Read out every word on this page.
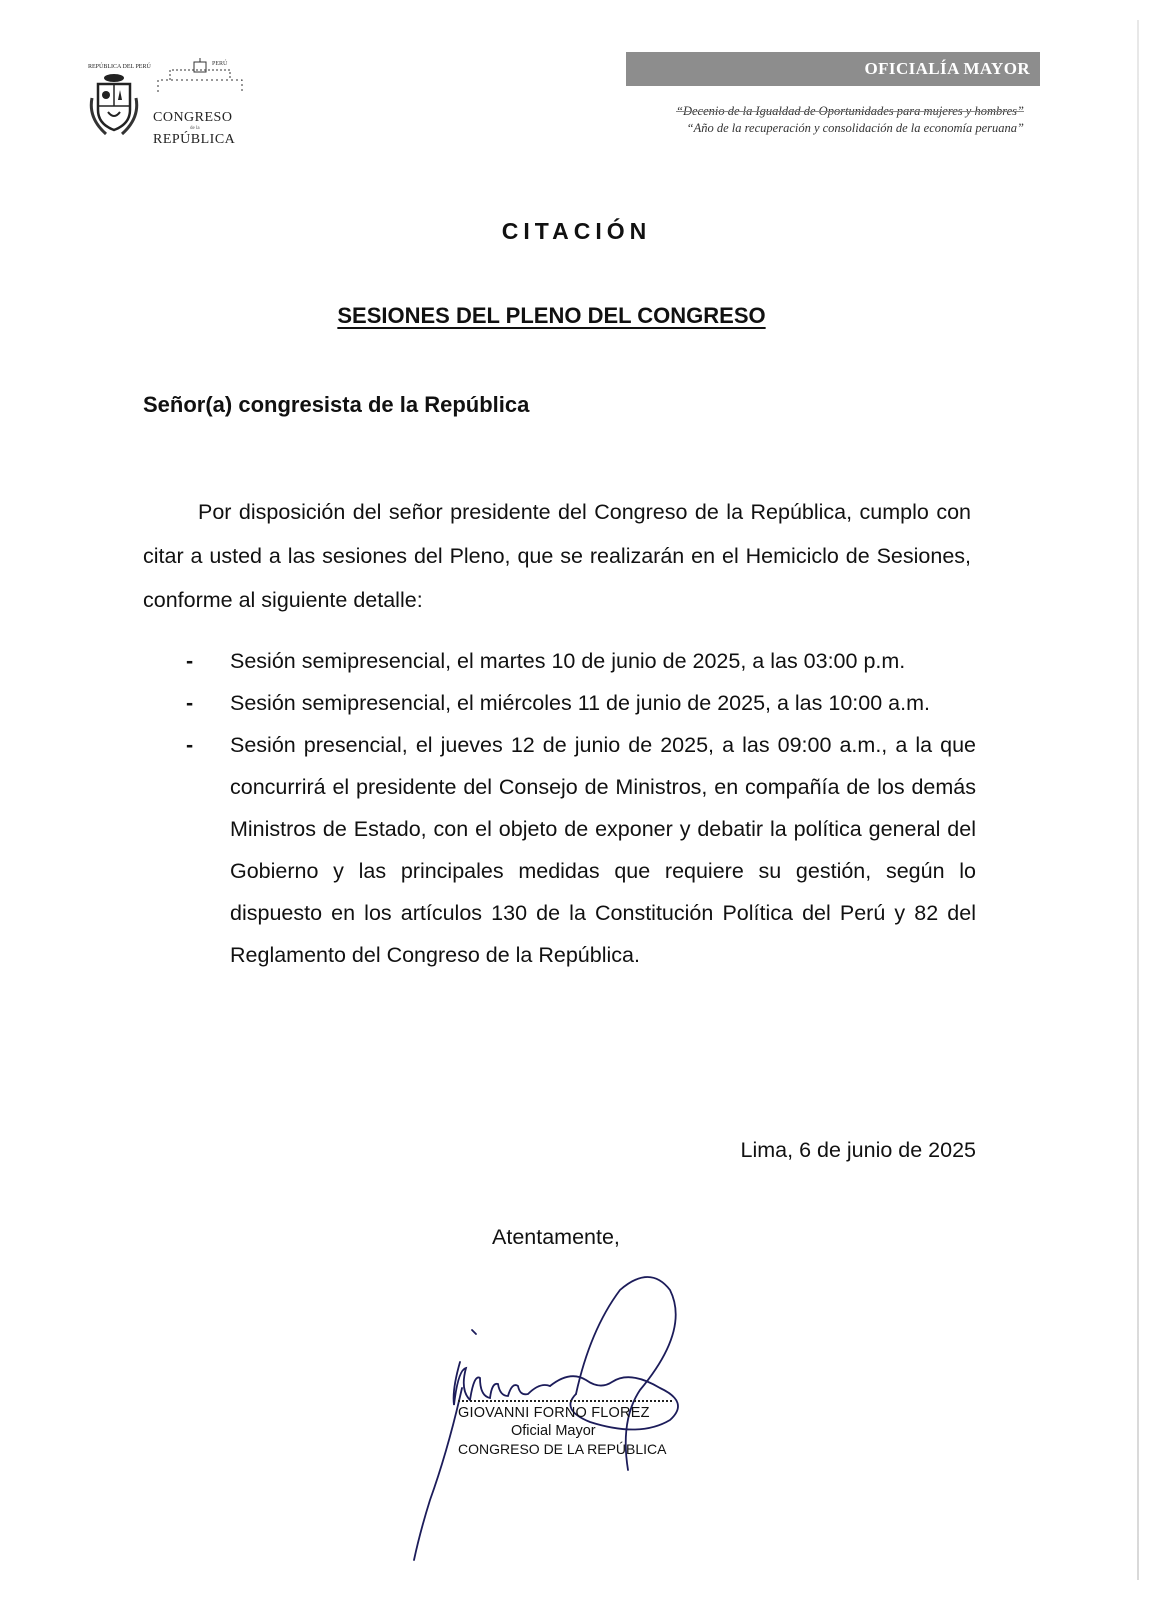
REPÚBLICA DEL PERÚ	PERÚ
CONGRESO
de la
REPÚBLICA
OFICIALÍA MAYOR
“Decenio de la Igualdad de Oportunidades para mujeres y hombres”
“Año de la recuperación y consolidación de la economía peruana”
CITACIÓN
SESIONES DEL PLENO DEL CONGRESO
Señor(a) congresista de la República

Por disposición del señor presidente del Congreso de la República, cumplo con citar a usted a las sesiones del Pleno, que se realizarán en el Hemiciclo de Sesiones, conforme al siguiente detalle:

- Sesión semipresencial, el martes 10 de junio de 2025, a las 03:00 p.m.
- Sesión semipresencial, el miércoles 11 de junio de 2025, a las 10:00 a.m.
- Sesión presencial, el jueves 12 de junio de 2025, a las 09:00 a.m., a la que concurrirá el presidente del Consejo de Ministros, en compañía de los demás Ministros de Estado, con el objeto de exponer y debatir la política general del Gobierno y las principales medidas que requiere su gestión, según lo dispuesto en los artículos 130 de la Constitución Política del Perú y 82 del Reglamento del Congreso de la República.
Lima, 6 de junio de 2025
Atentamente,
GIOVANNI FORNO FLOREZ
Oficial Mayor
CONGRESO DE LA REPÚBLICA
